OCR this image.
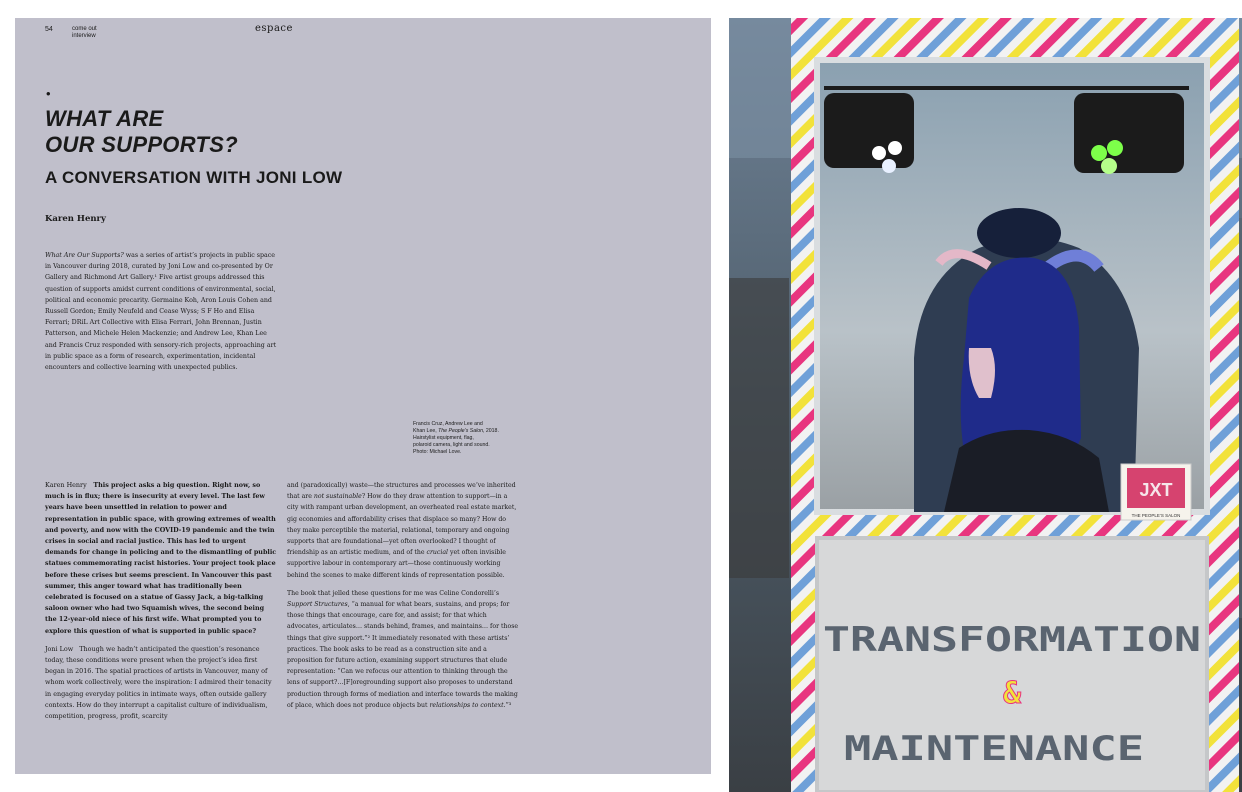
54	come out
interview
espace
•
WHAT ARE
OUR SUPPORTS?
A CONVERSATION WITH JONI LOW
Karen Henry

What Are Our Supports? was a series of artist’s projects in public space in Vancouver during 2018, curated by Joni Low and co-presented by Or Gallery and Richmond Art Gallery.¹ Five artist groups addressed this question of supports amidst current conditions of environmental, social, political and economic precarity. Germaine Koh, Aron Louis Cohen and Russell Gordon; Emily Neufeld and Cease Wyss; S F Ho and Elisa Ferrari; DRiL Art Collective with Elisa Ferrari, John Brennan, Justin Patterson, and Michele Helen Mackenzie; and Andrew Lee, Khan Lee and Francis Cruz responded with sensory-rich projects, approaching art in public space as a form of research, experimentation, incidental encounters and collective learning with unexpected publics.

Francis Cruz, Andrew Lee and
Khan Lee, The People’s Salon, 2018.
Hairstylist equipment, flag,
polaroid camera, light and sound.
Photo: Michael Love.

Karen Henry This project asks a big question. Right now, so much is in flux; there is insecurity at every level. The last few years have been unsettled in relation to power and representation in public space, with growing extremes of wealth and poverty, and now with the COVID-19 pandemic and the twin crises in social and racial justice. This has led to urgent demands for change in policing and to the dismantling of public statues commemorating racist histories. Your project took place before these crises but seems prescient. In Vancouver this past summer, this anger toward what has traditionally been celebrated is focused on a statue of Gassy Jack, a big-talking saloon owner who had two Squamish wives, the second being the 12-year-old niece of his first wife. What prompted you to explore this question of what is supported in public space?

Joni Low Though we hadn’t anticipated the question’s resonance today, these conditions were present when the project’s idea first began in 2016. The spatial practices of artists in Vancouver, many of whom work collectively, were the inspiration: I admired their tenacity in engaging everyday politics in intimate ways, often outside gallery contexts. How do they interrupt a capitalist culture of individualism, competition, progress, profit, scarcity

and (paradoxically) waste—the structures and processes we’ve inherited that are not sustainable? How do they draw attention to support—in a city with rampant urban development, an overheated real estate market, gig economies and affordability crises that displace so many? How do they make perceptible the material, relational, temporary and ongoing supports that are foundational—yet often overlooked? I thought of friendship as an artistic medium, and of the crucial yet often invisible supportive labour in contemporary art—those continuously working behind the scenes to make different kinds of representation possible.

The book that jelled these questions for me was Celine Condorelli’s Support Structures, “a manual for what bears, sustains, and props; for those things that encourage, care for, and assist; for that which advocates, articulates… stands behind, frames, and maintains… for those things that give support.”² It immediately resonated with these artists’ practices. The book asks to be read as a construction site and a proposition for future action, examining support structures that elude representation: “Can we refocus our attention to thinking through the lens of support?…[F]oregrounding support also proposes to understand production through forms of mediation and interface towards the making of place, which does not produce objects but relationships to context.”³

JXT
THE PEOPLE’S SALON
TRANSFORMATION
&
MAINTENANCE
